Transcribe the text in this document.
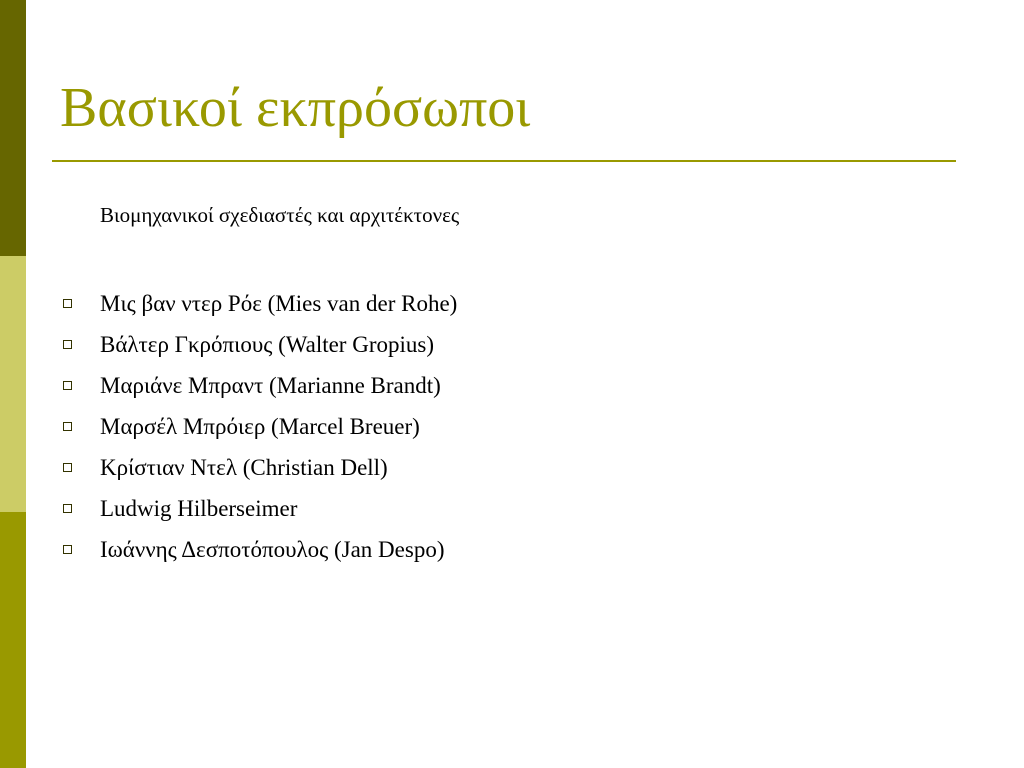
Βασικοί εκπρόσωποι
Βιομηχανικοί σχεδιαστές και αρχιτέκτονες
Μις βαν ντερ Ρόε (Mies van der Rohe)
Βάλτερ Γκρόπιους (Walter Gropius)
Μαριάνε Μπραντ (Marianne Brandt)
Μαρσέλ Μπρόιερ (Marcel Breuer)
Κρίστιαν Ντελ (Christian Dell)
Ludwig Hilberseimer
Ιωάννης Δεσποτόπουλος (Jan Despo)
